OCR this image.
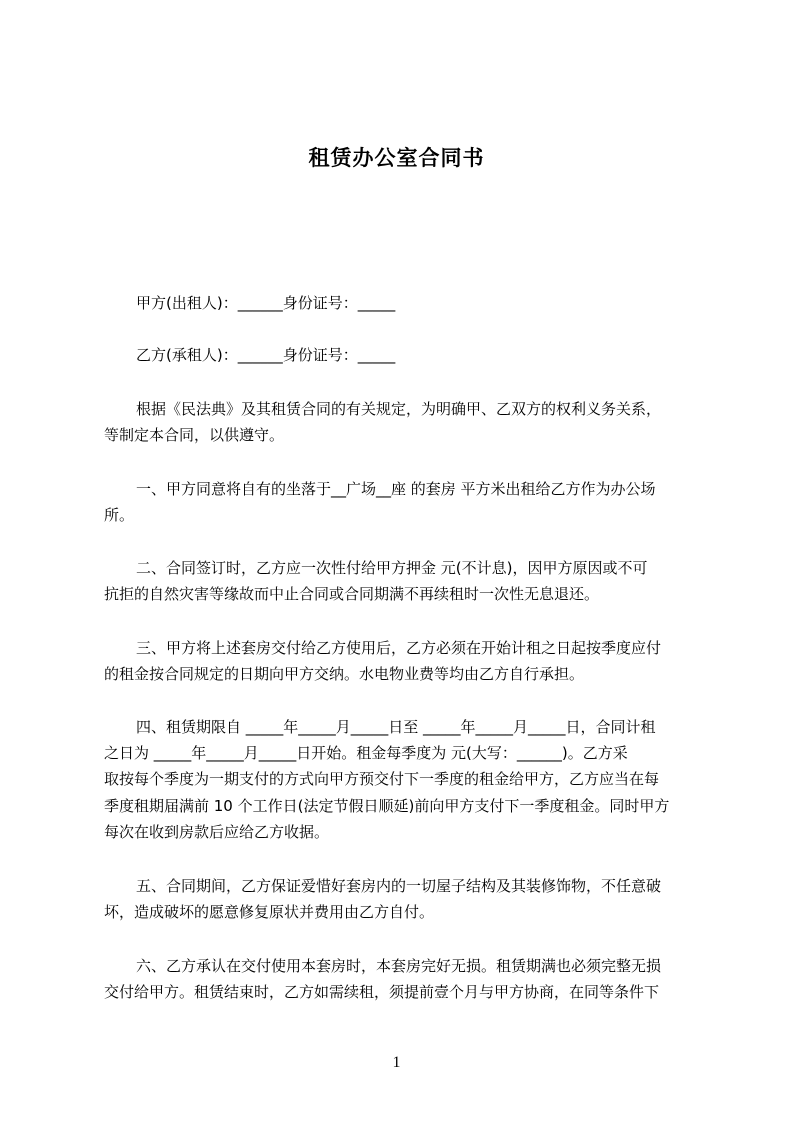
租赁办公室合同书
甲方(出租人)：______身份证号：_____
乙方(承租人)：______身份证号：_____
根据《民法典》及其租赁合同的有关规定，为明确甲、乙双方的权利义务关系，
等制定本合同，以供遵守。
一、甲方同意将自有的坐落于__广场__座 的套房 平方米出租给乙方作为办公场
所。
二、合同签订时，乙方应一次性付给甲方押金 元(不计息)，因甲方原因或不可
抗拒的自然灾害等缘故而中止合同或合同期满不再续租时一次性无息退还。
三、甲方将上述套房交付给乙方使用后，乙方必须在开始计租之日起按季度应付
的租金按合同规定的日期向甲方交纳。水电物业费等均由乙方自行承担。
四、租赁期限自 _____年_____月_____日至 _____年_____月_____日，合同计租
之日为 _____年_____月_____日开始。租金每季度为 元(大写：______)。乙方采
取按每个季度为一期支付的方式向甲方预交付下一季度的租金给甲方，乙方应当在每
季度租期届满前 10 个工作日(法定节假日顺延)前向甲方支付下一季度租金。同时甲方
每次在收到房款后应给乙方收据。
五、合同期间，乙方保证爱惜好套房内的一切屋子结构及其装修饰物，不任意破
坏，造成破坏的愿意修复原状并费用由乙方自付。
六、乙方承认在交付使用本套房时，本套房完好无损。租赁期满也必须完整无损
交付给甲方。租赁结束时，乙方如需续租，须提前壹个月与甲方协商，在同等条件下
1
